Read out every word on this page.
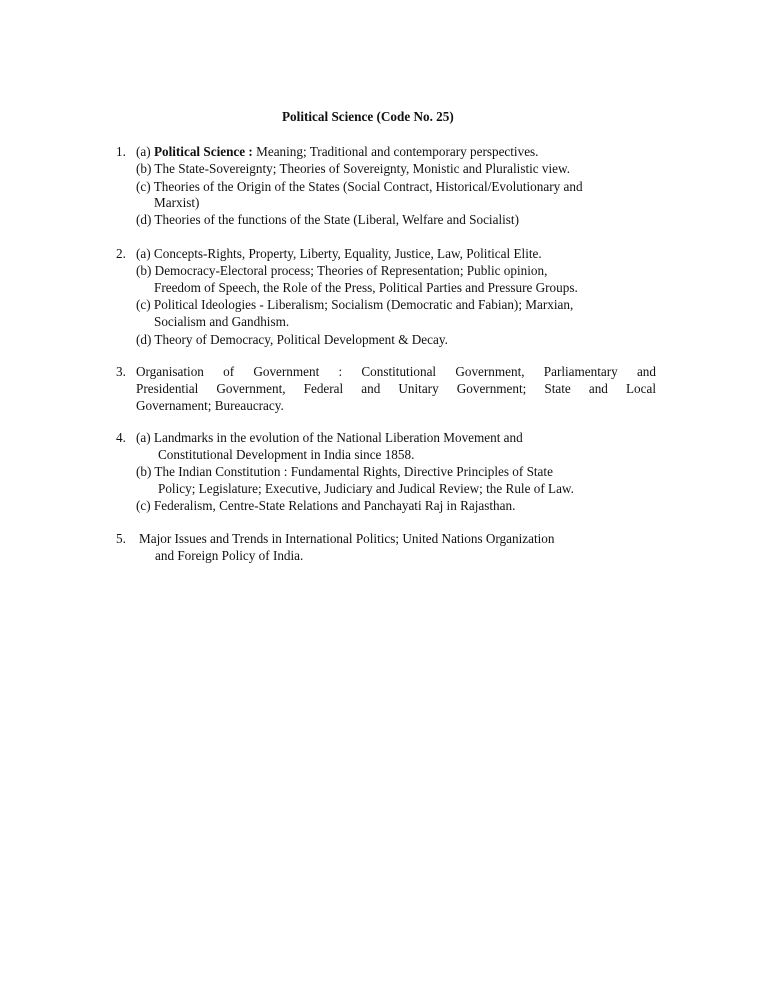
Political Science (Code No. 25)
1. (a) Political Science : Meaning; Traditional and contemporary perspectives.
(b) The State-Sovereignty; Theories of Sovereignty, Monistic and Pluralistic view.
(c) Theories of the Origin of the States (Social Contract, Historical/Evolutionary and
Marxist)
(d) Theories of the functions of the State (Liberal, Welfare and Socialist)
2. (a) Concepts-Rights, Property, Liberty, Equality, Justice, Law, Political Elite.
(b) Democracy-Electoral process; Theories of Representation; Public opinion,
Freedom of Speech, the Role of the Press, Political Parties and Pressure Groups.
(c) Political Ideologies - Liberalism; Socialism (Democratic and Fabian); Marxian,
Socialism and Gandhism.
(d) Theory of Democracy, Political Development & Decay.
3. Organisation of Government : Constitutional Government, Parliamentary and
Presidential Government, Federal and Unitary Government; State and Local
Governament; Bureaucracy.
4. (a) Landmarks in the evolution of the National Liberation Movement and
Constitutional Development in India since 1858.
(b) The Indian Constitution : Fundamental Rights, Directive Principles of State
Policy; Legislature; Executive, Judiciary and Judical Review; the Rule of Law.
(c) Federalism, Centre-State Relations and Panchayati Raj in Rajasthan.
5. Major Issues and Trends in International Politics; United Nations Organization
and Foreign Policy of India.
